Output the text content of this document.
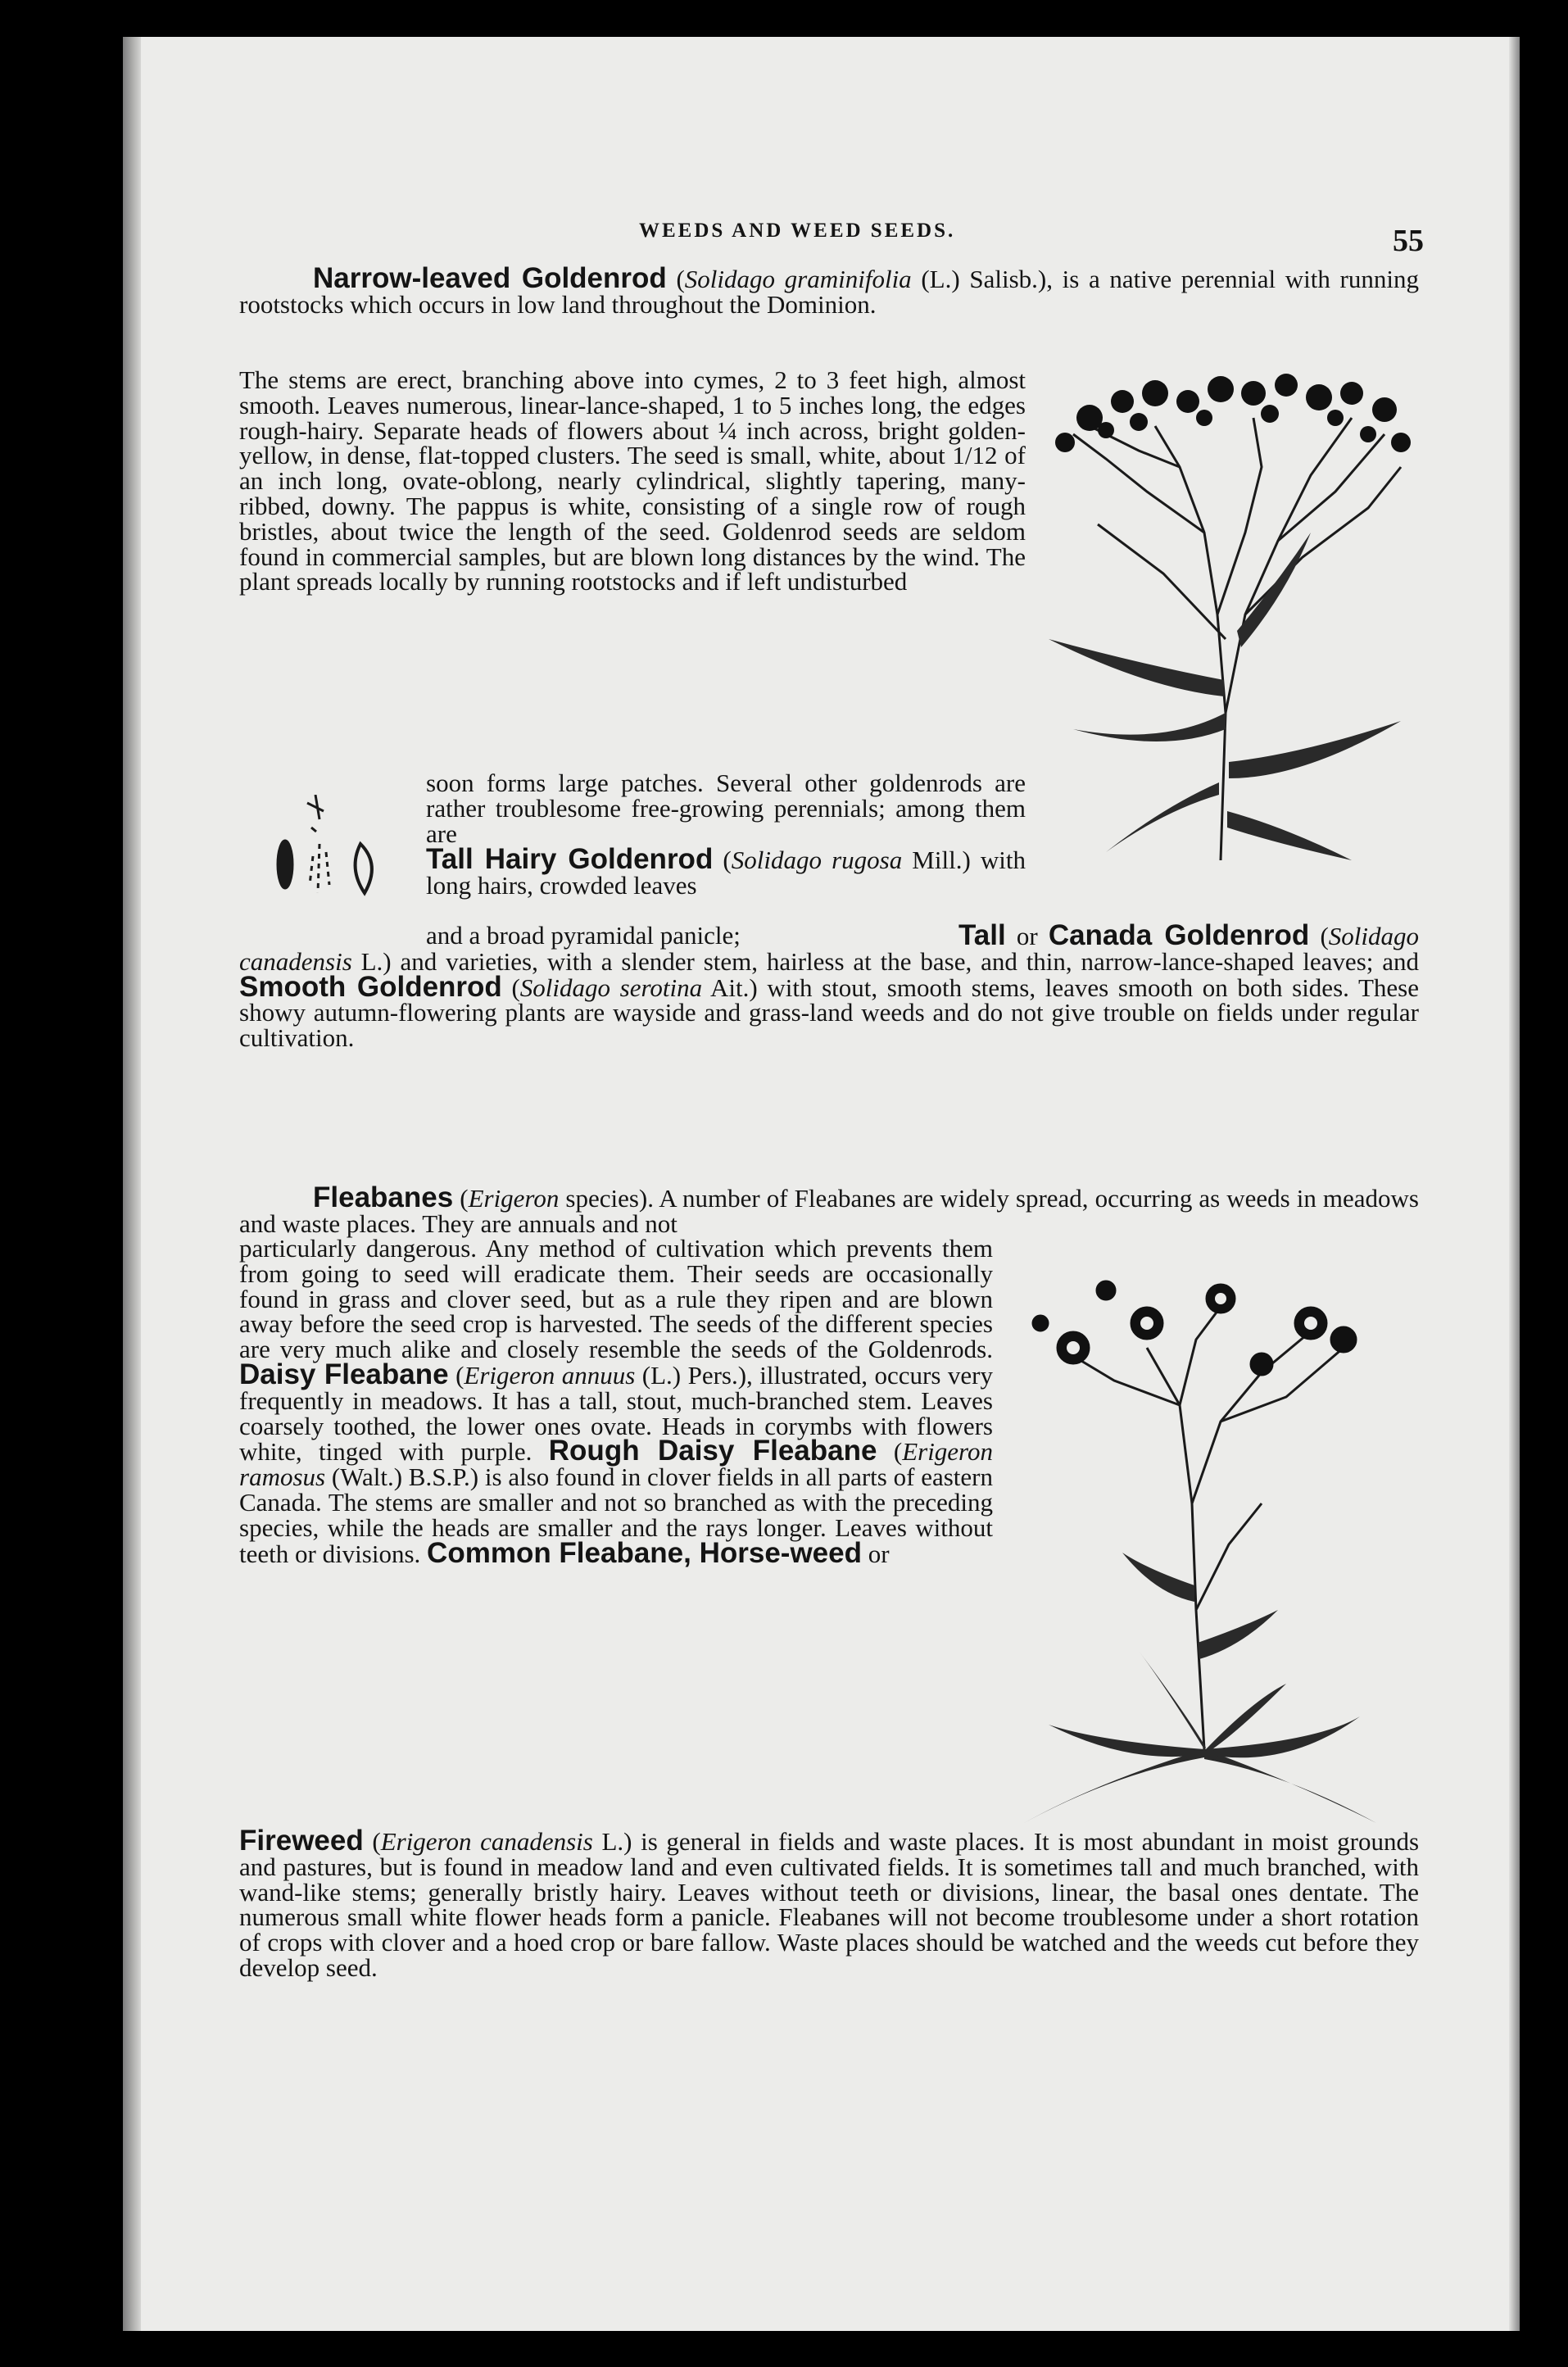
WEEDS AND WEED SEEDS.	55

Narrow-leaved Goldenrod (Solidago graminifolia (L.) Salisb.), is a native perennial with running rootstocks which occurs in low land throughout the Dominion.

The stems are erect, branching above into cymes, 2 to 3 feet high, almost smooth. Leaves numerous, linear-lance-shaped, 1 to 5 inches long, the edges rough-hairy. Separate heads of flowers about ¼ inch across, bright golden-yellow, in dense, flat-topped clusters. The seed is small, white, about 1/12 of an inch long, ovate-oblong, nearly cylindrical, slightly tapering, many-ribbed, downy. The pappus is white, consisting of a single row of rough bristles, about twice the length of the seed. Goldenrod seeds are seldom found in commercial samples, but are blown long distances by the wind. The plant spreads locally by running rootstocks and if left undisturbed

soon forms large patches. Several other goldenrods are rather troublesome free-growing perennials; among them are

Tall Hairy Goldenrod (Solidago rugosa Mill.) with long hairs, crowded leaves

and a broad pyramidal panicle;	Tall or Canada Goldenrod (Solidago canadensis L.) and varieties, with a slender stem, hairless at the base, and thin, narrow-lance-shaped leaves; and Smooth Goldenrod (Solidago serotina Ait.) with stout, smooth stems, leaves smooth on both sides. These showy autumn-flowering plants are wayside and grass-land weeds and do not give trouble on fields under regular cultivation.

Fleabanes (Erigeron species). A number of Fleabanes are widely spread, occurring as weeds in meadows and waste places. They are annuals and not

particularly dangerous. Any method of cultivation which prevents them from going to seed will eradicate them. Their seeds are occasionally found in grass and clover seed, but as a rule they ripen and are blown away before the seed crop is harvested. The seeds of the different species are very much alike and closely resemble the seeds of the Goldenrods. Daisy Fleabane (Erigeron annuus (L.) Pers.), illustrated, occurs very frequently in meadows. It has a tall, stout, much-branched stem. Leaves coarsely toothed, the lower ones ovate. Heads in corymbs with flowers white, tinged with purple. Rough Daisy Fleabane (Erigeron ramosus (Walt.) B.S.P.) is also found in clover fields in all parts of eastern Canada. The stems are smaller and not so branched as with the preceding species, while the heads are smaller and the rays longer. Leaves without teeth or divisions. Common Fleabane, Horse-weed or

Fireweed (Erigeron canadensis L.) is general in fields and waste places. It is most abundant in moist grounds and pastures, but is found in meadow land and even cultivated fields. It is sometimes tall and much branched, with wand-like stems; generally bristly hairy. Leaves without teeth or divisions, linear, the basal ones dentate. The numerous small white flower heads form a panicle. Fleabanes will not become troublesome under a short rotation of crops with clover and a hoed crop or bare fallow. Waste places should be watched and the weeds cut before they develop seed.
